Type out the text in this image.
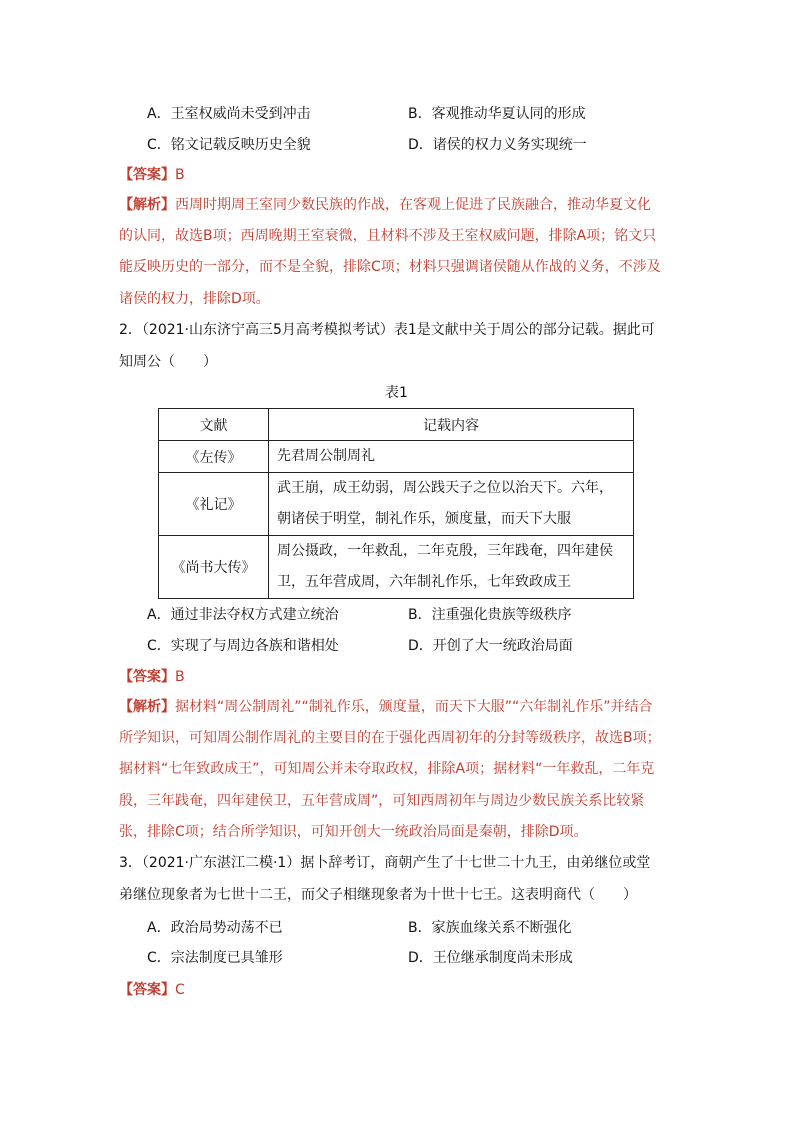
A．王室权威尚未受到冲击	B．客观推动华夏认同的形成
C．铭文记载反映历史全貌	D．诸侯的权力义务实现统一
【答案】B
【解析】西周时期周王室同少数民族的作战，在客观上促进了民族融合，推动华夏文化的认同，故选B项；西周晚期王室衰微，且材料不涉及王室权威问题，排除A项；铭文只能反映历史的一部分，而不是全貌，排除C项；材料只强调诸侯随从作战的义务，不涉及诸侯的权力，排除D项。
2．（2021·山东济宁高三5月高考模拟考试）表1是文献中关于周公的部分记载。据此可知周公（　　）
表1
文献	记载内容
《左传》	先君周公制周礼
《礼记》	武王崩，成王幼弱，周公践天子之位以治天下。六年，朝诸侯于明堂，制礼作乐，颁度量，而天下大服
《尚书大传》	周公摄政，一年救乱，二年克殷，三年践奄，四年建侯卫，五年营成周，六年制礼作乐，七年致政成王
A．通过非法夺权方式建立统治	B．注重强化贵族等级秩序
C．实现了与周边各族和谐相处	D．开创了大一统政治局面
【答案】B
【解析】据材料“周公制周礼”“制礼作乐，颁度量，而天下大服”“六年制礼作乐”并结合所学知识，可知周公制作周礼的主要目的在于强化西周初年的分封等级秩序，故选B项；据材料“七年致政成王”，可知周公并未夺取政权，排除A项；据材料“一年救乱，二年克殷，三年践奄，四年建侯卫，五年营成周”，可知西周初年与周边少数民族关系比较紧张，排除C项；结合所学知识，可知开创大一统政治局面是秦朝，排除D项。
3．（2021·广东湛江二模·1）据卜辞考订，商朝产生了十七世二十九王，由弟继位或堂弟继位现象者为七世十二王，而父子相继现象者为十世十七王。这表明商代（　　）
A．政治局势动荡不已	B．家族血缘关系不断强化
C．宗法制度已具雏形	D．王位继承制度尚未形成
【答案】C
